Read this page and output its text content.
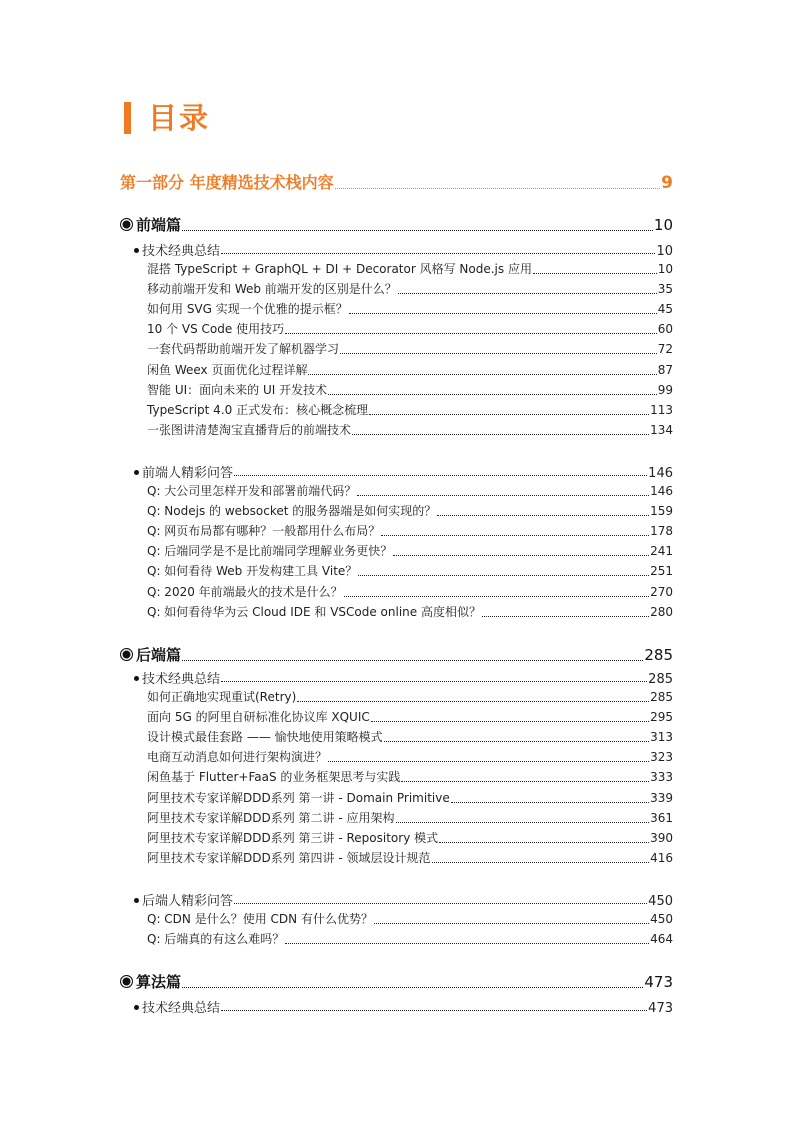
目录
第一部分 年度精选技术栈内容	9
前端篇	10
技术经典总结	10
混搭 TypeScript + GraphQL + DI + Decorator 风格写 Node.js 应用	10
移动前端开发和 Web 前端开发的区别是什么？	35
如何用 SVG 实现一个优雅的提示框？	45
10 个 VS Code 使用技巧	60
一套代码帮助前端开发了解机器学习	72
闲鱼 Weex 页面优化过程详解	87
智能 UI：面向未来的 UI 开发技术	99
TypeScript 4.0 正式发布：核心概念梳理	113
一张图讲清楚淘宝直播背后的前端技术	134
前端人精彩问答	146
Q: 大公司里怎样开发和部署前端代码？	146
Q: Nodejs 的 websocket 的服务器端是如何实现的？	159
Q: 网页布局都有哪种？一般都用什么布局？	178
Q: 后端同学是不是比前端同学理解业务更快？	241
Q: 如何看待 Web 开发构建工具 Vite？	251
Q: 2020 年前端最火的技术是什么？	270
Q: 如何看待华为云 Cloud IDE 和 VSCode online 高度相似？	280
后端篇	285
技术经典总结	285
如何正确地实现重试(Retry)	285
面向 5G 的阿里自研标准化协议库 XQUIC	295
设计模式最佳套路 —— 愉快地使用策略模式	313
电商互动消息如何进行架构演进？	323
闲鱼基于 Flutter+FaaS 的业务框架思考与实践	333
阿里技术专家详解DDD系列 第一讲 - Domain Primitive	339
阿里技术专家详解DDD系列 第二讲 - 应用架构	361
阿里技术专家详解DDD系列 第三讲 - Repository 模式	390
阿里技术专家详解DDD系列 第四讲 - 领域层设计规范	416
后端人精彩问答	450
Q: CDN 是什么？使用 CDN 有什么优势？	450
Q: 后端真的有这么难吗？	464
算法篇	473
技术经典总结	473
